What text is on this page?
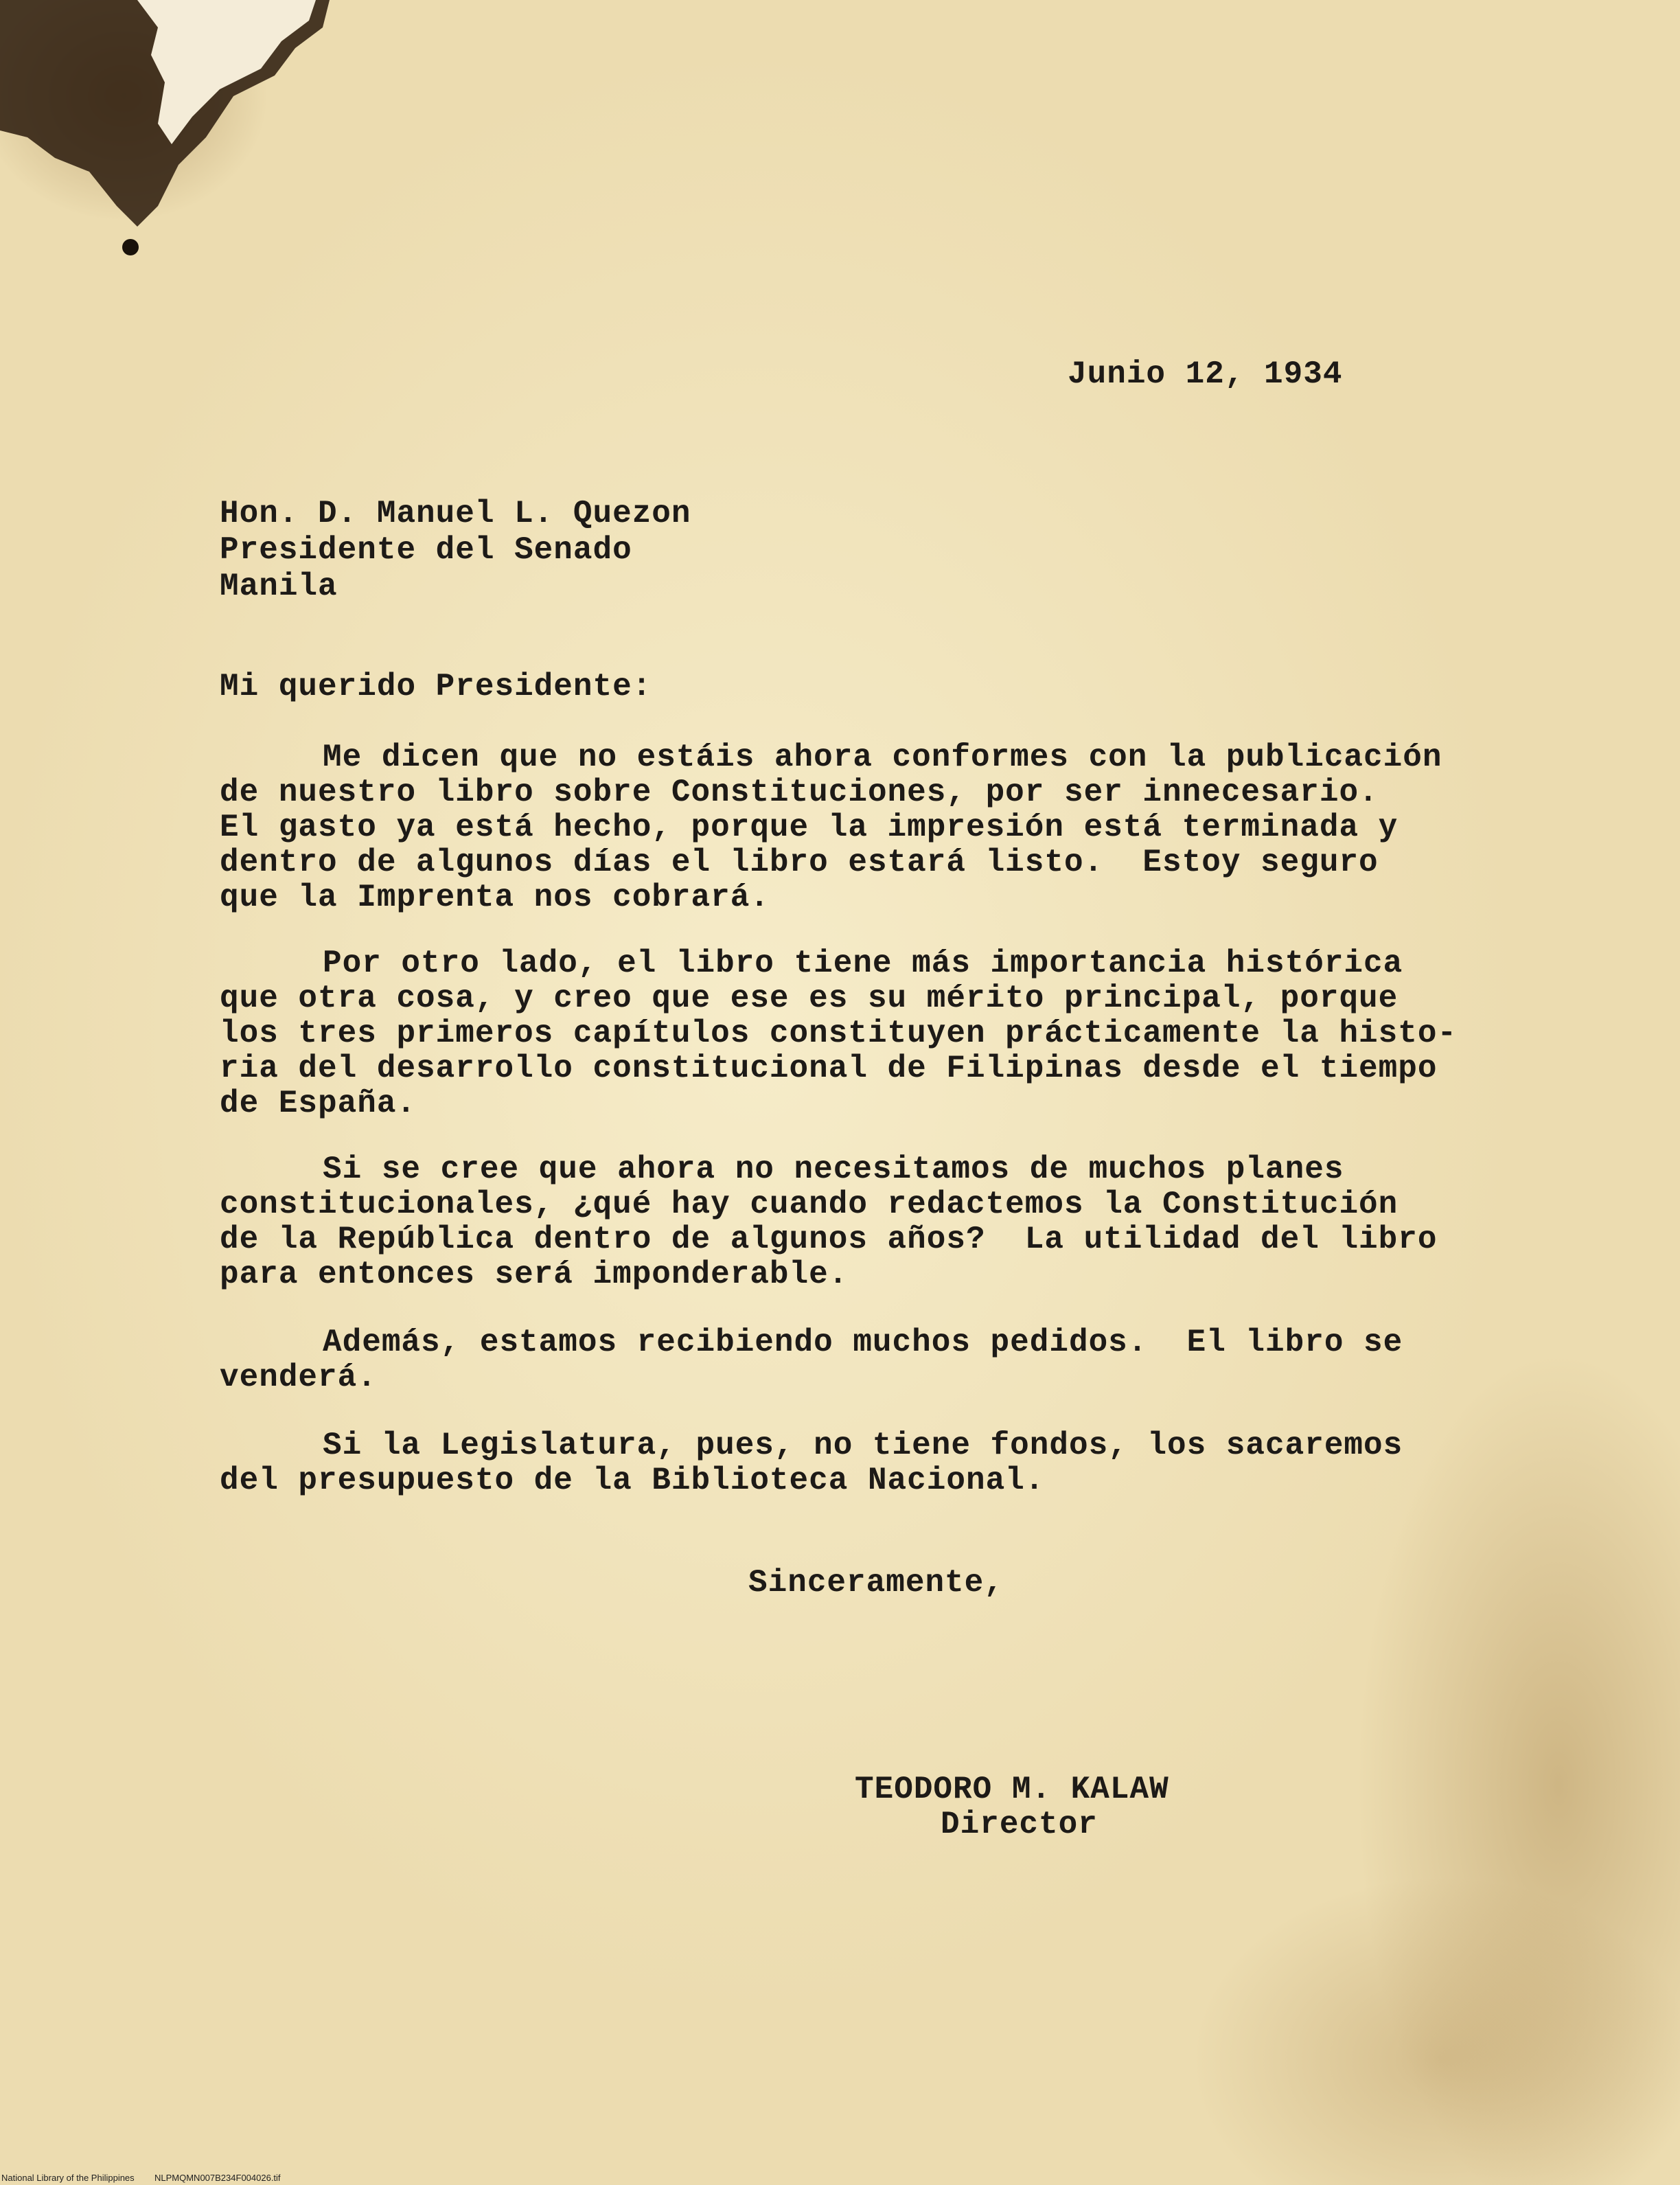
Junio 12, 1934
Hon. D. Manuel L. Quezon
Presidente del Senado
Manila
Mi querido Presidente:
Me dicen que no estáis ahora conformes con la publicación
de nuestro libro sobre Constituciones, por ser innecesario.
El gasto ya está hecho, porque la impresión está terminada y
dentro de algunos días el libro estará listo.  Estoy seguro
que la Imprenta nos cobrará.
Por otro lado, el libro tiene más importancia histórica
que otra cosa, y creo que ese es su mérito principal, porque
los tres primeros capítulos constituyen prácticamente la histo-
ria del desarrollo constitucional de Filipinas desde el tiempo
de España.
Si se cree que ahora no necesitamos de muchos planes
constitucionales, ¿qué hay cuando redactemos la Constitución
de la República dentro de algunos años?  La utilidad del libro
para entonces será imponderable.
Además, estamos recibiendo muchos pedidos.  El libro se
venderá.
Si la Legislatura, pues, no tiene fondos, los sacaremos
del presupuesto de la Biblioteca Nacional.
Sinceramente,
TEODORO M. KALAW
Director
National Library of the Philippines NLPMQMN007B234F004026.tif
